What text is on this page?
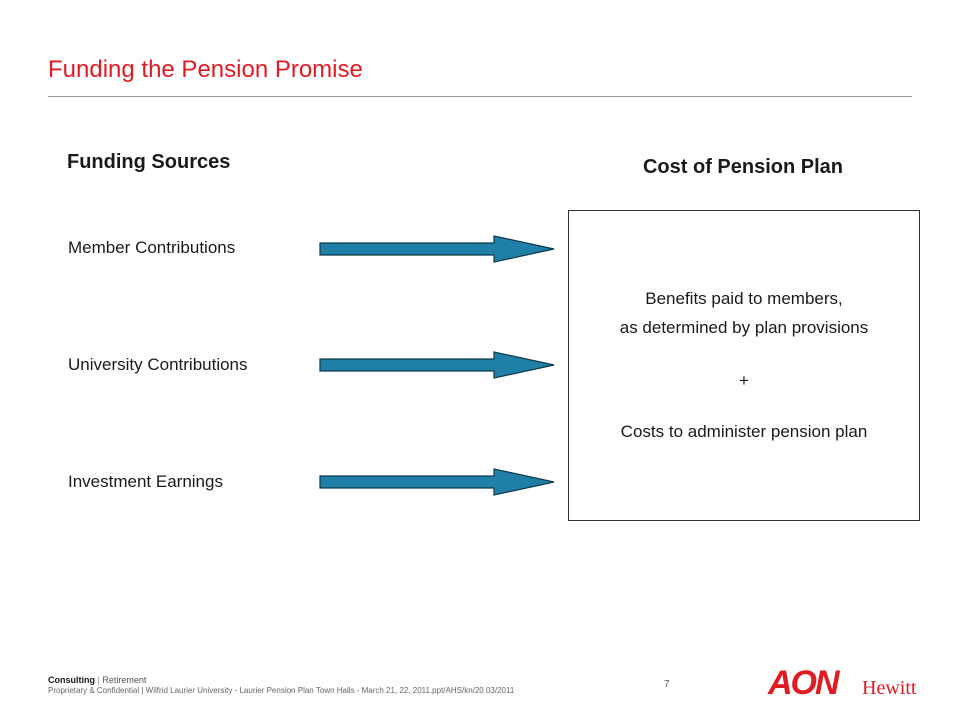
Funding the Pension Promise
Funding Sources	Cost of Pension Plan
Member Contributions
University Contributions
Investment Earnings
Benefits paid to members,
as determined by plan provisions
+
Costs to administer pension plan
Consulting | Retirement
Proprietary & Confidential | Wilfrid Laurier University - Laurier Pension Plan Town Halls - March 21, 22, 2011.ppt/AHS/kn/20 03/2011
7	AON Hewitt
